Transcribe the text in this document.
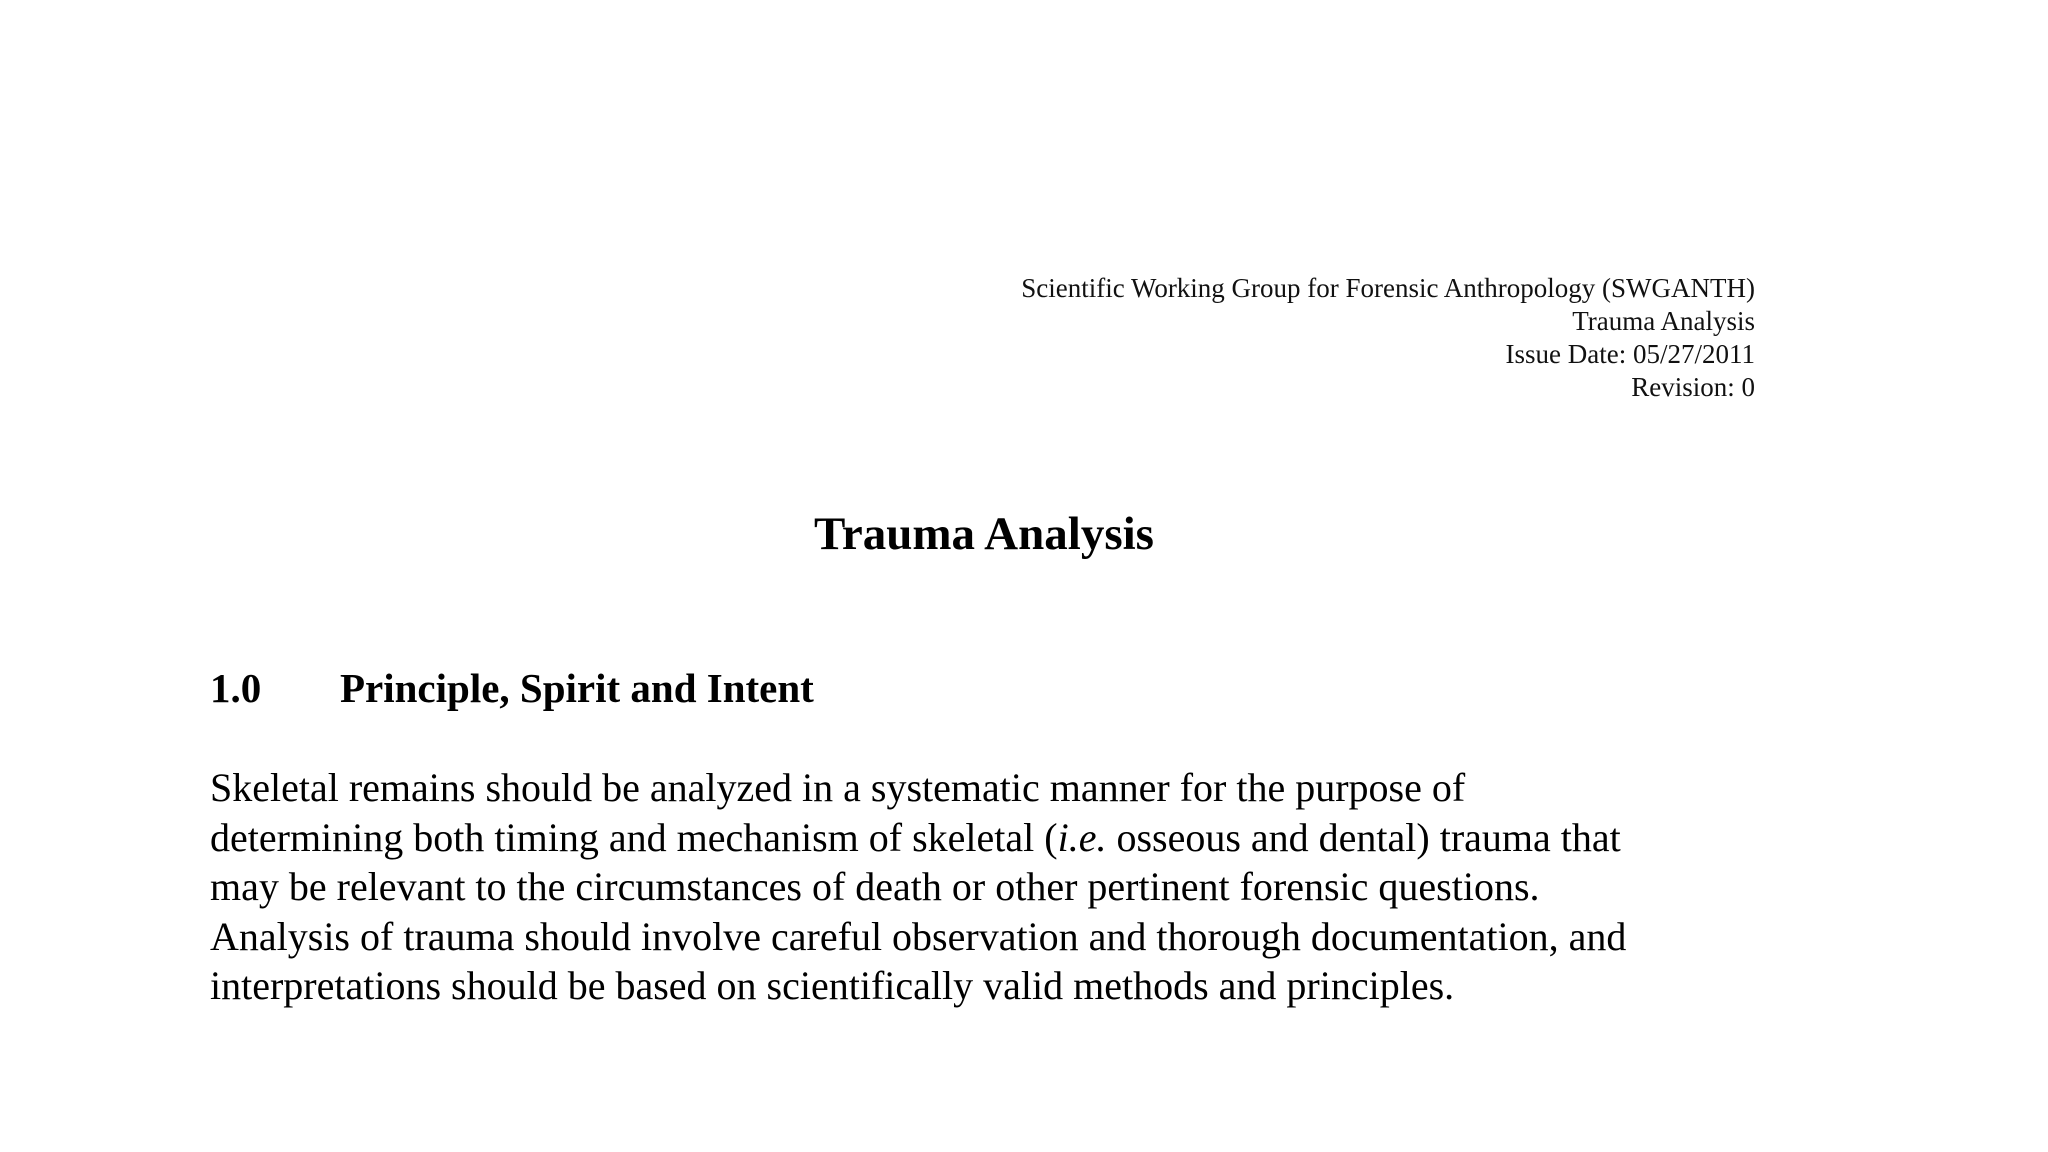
Scientific Working Group for Forensic Anthropology (SWGANTH)
Trauma Analysis
Issue Date: 05/27/2011
Revision: 0
Trauma Analysis
1.0 Principle, Spirit and Intent

Skeletal remains should be analyzed in a systematic manner for the purpose of
determining both timing and mechanism of skeletal (i.e. osseous and dental) trauma that
may be relevant to the circumstances of death or other pertinent forensic questions.
Analysis of trauma should involve careful observation and thorough documentation, and
interpretations should be based on scientifically valid methods and principles.
